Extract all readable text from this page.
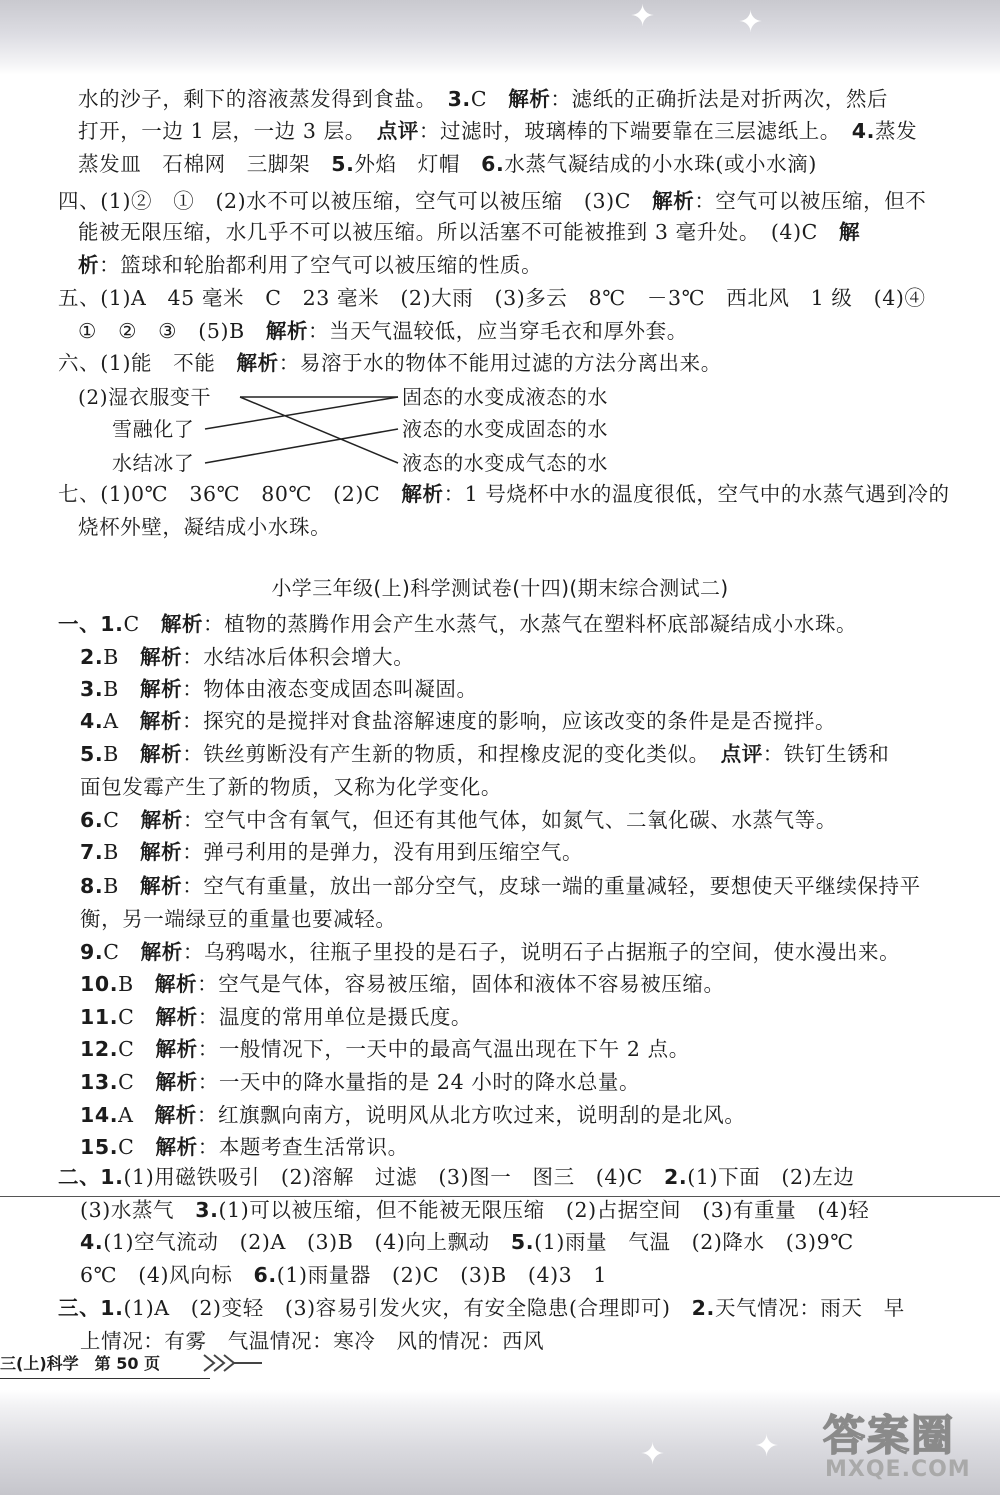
✦	✦
✦	✦
水的沙子，剩下的溶液蒸发得到食盐。　3.C　解析：滤纸的正确折法是对折两次，然后
打开，一边 1 层，一边 3 层。　点评：过滤时，玻璃棒的下端要靠在三层滤纸上。　4.蒸发
蒸发皿　石棉网　三脚架　5.外焰　灯帽　6.水蒸气凝结成的小水珠(或小水滴)
四、(1)②　①　(2)水不可以被压缩，空气可以被压缩　(3)C　解析：空气可以被压缩，但不
能被无限压缩，水几乎不可以被压缩。所以活塞不可能被推到 3 毫升处。　(4)C　解
析：篮球和轮胎都利用了空气可以被压缩的性质。
五、(1)A　45 毫米　C　23 毫米　(2)大雨　(3)多云　8℃　－3℃　西北风　1 级　(4)④
①　②　③　(5)B　解析：当天气温较低，应当穿毛衣和厚外套。
六、(1)能　不能　解析：易溶于水的物体不能用过滤的方法分离出来。
(2)湿衣服变干
雪融化了
水结冰了
固态的水变成液态的水
液态的水变成固态的水
液态的水变成气态的水
七、(1)0℃　36℃　80℃　(2)C　解析：1 号烧杯中水的温度很低，空气中的水蒸气遇到冷的
烧杯外壁，凝结成小水珠。
小学三年级(上)科学测试卷(十四)(期末综合测试二)
一、1.C　解析：植物的蒸腾作用会产生水蒸气，水蒸气在塑料杯底部凝结成小水珠。
2.B　解析：水结冰后体积会增大。
3.B　解析：物体由液态变成固态叫凝固。
4.A　解析：探究的是搅拌对食盐溶解速度的影响，应该改变的条件是是否搅拌。
5.B　解析：铁丝剪断没有产生新的物质，和捏橡皮泥的变化类似。　点评：铁钉生锈和
面包发霉产生了新的物质，又称为化学变化。
6.C　解析：空气中含有氧气，但还有其他气体，如氮气、二氧化碳、水蒸气等。
7.B　解析：弹弓利用的是弹力，没有用到压缩空气。
8.B　解析：空气有重量，放出一部分空气，皮球一端的重量减轻，要想使天平继续保持平
衡，另一端绿豆的重量也要减轻。
9.C　解析：乌鸦喝水，往瓶子里投的是石子，说明石子占据瓶子的空间，使水漫出来。
10.B　解析：空气是气体，容易被压缩，固体和液体不容易被压缩。
11.C　解析：温度的常用单位是摄氏度。
12.C　解析：一般情况下，一天中的最高气温出现在下午 2 点。
13.C　解析：一天中的降水量指的是 24 小时的降水总量。
14.A　解析：红旗飘向南方，说明风从北方吹过来，说明刮的是北风。
15.C　解析：本题考查生活常识。
二、1.(1)用磁铁吸引　(2)溶解　过滤　(3)图一　图三　(4)C　2.(1)下面　(2)左边
(3)水蒸气　3.(1)可以被压缩，但不能被无限压缩　(2)占据空间　(3)有重量　(4)轻
4.(1)空气流动　(2)A　(3)B　(4)向上飘动　5.(1)雨量　气温　(2)降水　(3)9℃
6℃　(4)风向标　6.(1)雨量器　(2)C　(3)B　(4)3　1
三、1.(1)A　(2)变轻　(3)容易引发火灾，有安全隐患(合理即可)　2.天气情况：雨天　早
上情况：有雾　气温情况：寒冷　风的情况：西风
三(上)科学　第 50 页
答案圈
MXQE.COM
